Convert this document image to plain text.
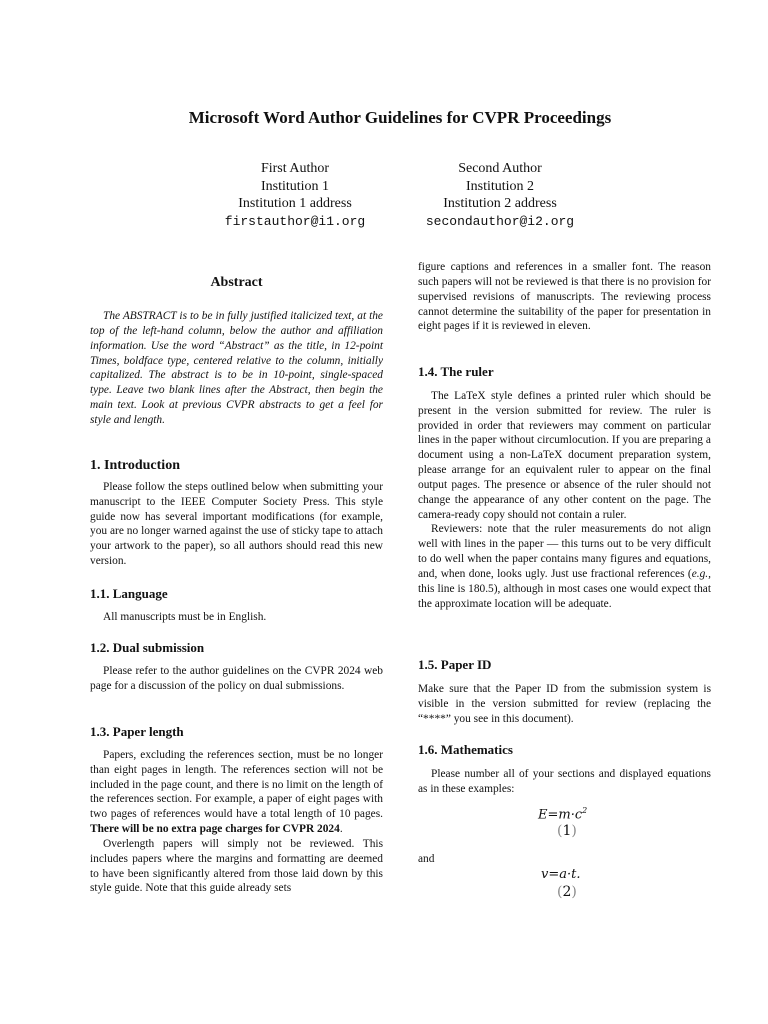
Microsoft Word Author Guidelines for CVPR Proceedings
First Author
Institution 1
Institution 1 address
firstauthor@i1.org
Second Author
Institution 2
Institution 2 address
secondauthor@i2.org
Abstract

The ABSTRACT is to be in fully justified italicized text, at the top of the left-hand column, below the author and affiliation information. Use the word “Abstract” as the title, in 12-point Times, boldface type, centered relative to the column, initially capitalized. The abstract is to be in 10-point, single-spaced type. Leave two blank lines after the Abstract, then begin the main text. Look at previous CVPR abstracts to get a feel for style and length.

1. Introduction

Please follow the steps outlined below when submitting your manuscript to the IEEE Computer Society Press. This style guide now has several important modifications (for example, you are no longer warned against the use of sticky tape to attach your artwork to the paper), so all authors should read this new version.

1.1. Language

All manuscripts must be in English.

1.2. Dual submission

Please refer to the author guidelines on the CVPR 2024 web page for a discussion of the policy on dual submissions.

1.3. Paper length

Papers, excluding the references section, must be no longer than eight pages in length. The references section will not be included in the page count, and there is no limit on the length of the references section. For example, a paper of eight pages with two pages of references would have a total length of 10 pages. There will be no extra page charges for CVPR 2024.

Overlength papers will simply not be reviewed. This includes papers where the margins and formatting are deemed to have been significantly altered from those laid down by this style guide. Note that this guide already sets

figure captions and references in a smaller font. The reason such papers will not be reviewed is that there is no provision for supervised revisions of manuscripts. The reviewing process cannot determine the suitability of the paper for presentation in eight pages if it is reviewed in eleven.

1.4. The ruler

The LaTeX style defines a printed ruler which should be present in the version submitted for review. The ruler is provided in order that reviewers may comment on particular lines in the paper without circumlocution. If you are preparing a document using a non-LaTeX document preparation system, please arrange for an equivalent ruler to appear on the final output pages. The presence or absence of the ruler should not change the appearance of any other content on the page. The camera-ready copy should not contain a ruler.

Reviewers: note that the ruler measurements do not align well with lines in the paper — this turns out to be very difficult to do well when the paper contains many figures and equations, and, when done, looks ugly. Just use fractional references (e.g., this line is 180.5), although in most cases one would expect that the approximate location will be adequate.

1.5. Paper ID

Make sure that the Paper ID from the submission system is visible in the version submitted for review (replacing the “****” you see in this document).

1.6. Mathematics

Please number all of your sections and displayed equations as in these examples:

$E=m\cdot c^2$
(1)

and

v=a·t.
(2)
